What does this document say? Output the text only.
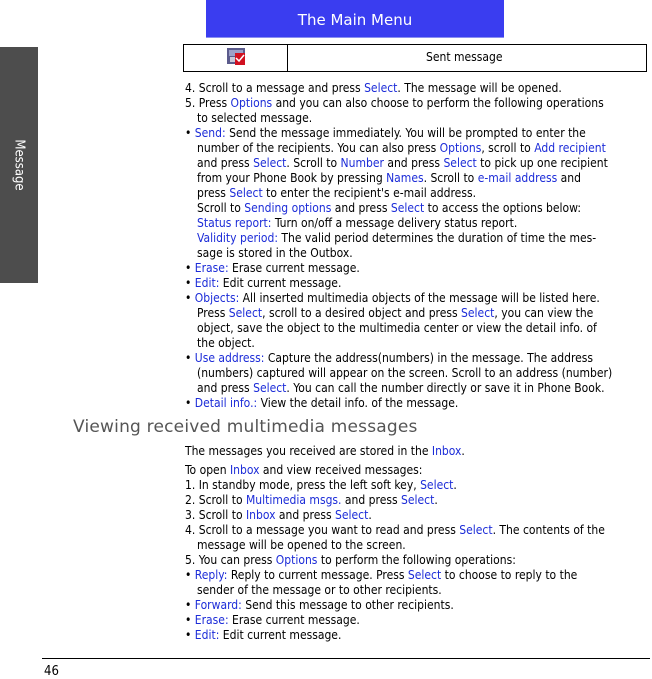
The Main Menu
Message
	Sent message

4. Scroll to a message and press Select. The message will be opened.

5. Press Options and you can also choose to perform the following operations

to selected message.

• Send: Send the message immediately. You will be prompted to enter the

number of the recipients. You can also press Options, scroll to Add recipient

and press Select. Scroll to Number and press Select to pick up one recipient

from your Phone Book by pressing Names. Scroll to e-mail address and

press Select to enter the recipient's e-mail address.

Scroll to Sending options and press Select to access the options below:

Status report: Turn on/off a message delivery status report.

Validity period: The valid period determines the duration of time the mes-

sage is stored in the Outbox.

• Erase: Erase current message.

• Edit: Edit current message.

• Objects: All inserted multimedia objects of the message will be listed here.

Press Select, scroll to a desired object and press Select, you can view the

object, save the object to the multimedia center or view the detail info. of

the object.

• Use address: Capture the address(numbers) in the message. The address

(numbers) captured will appear on the screen. Scroll to an address (number)

and press Select. You can call the number directly or save it in Phone Book.

• Detail info.: View the detail info. of the message.

Viewing received multimedia messages

The messages you received are stored in the Inbox.

To open Inbox and view received messages:

1. In standby mode, press the left soft key, Select.

2. Scroll to Multimedia msgs. and press Select.

3. Scroll to Inbox and press Select.

4. Scroll to a message you want to read and press Select. The contents of the

message will be opened to the screen.

5. You can press Options to perform the following operations:

• Reply: Reply to current message. Press Select to choose to reply to the

sender of the message or to other recipients.

• Forward: Send this message to other recipients.

• Erase: Erase current message.

• Edit: Edit current message.

46
